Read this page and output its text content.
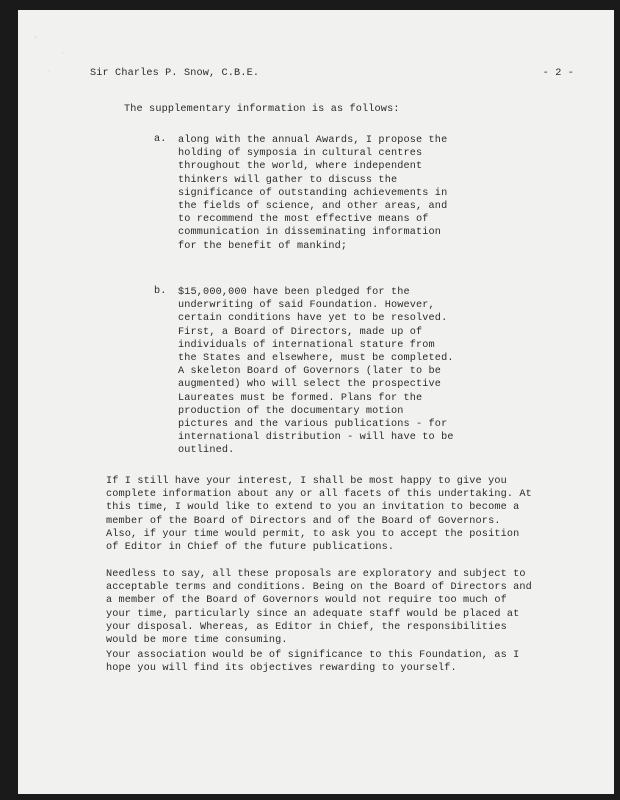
Sir Charles P. Snow, C.B.E.	- 2 -
The supplementary information is as follows:
a.	along with the annual Awards, I propose the holding of symposia in cultural centres throughout the world, where independent thinkers will gather to discuss the significance of outstanding achievements in the fields of science, and other areas, and to recommend the most effective means of communication in disseminating information for the benefit of mankind;
b.	$15,000,000 have been pledged for the underwriting of said Foundation. However, certain conditions have yet to be resolved. First, a Board of Directors, made up of individuals of international stature from the States and elsewhere, must be completed. A skeleton Board of Governors (later to be augmented) who will select the prospective Laureates must be formed. Plans for the production of the documentary motion pictures and the various publications - for international distribution - will have to be outlined.
If I still have your interest, I shall be most happy to give you complete information about any or all facets of this undertaking. At this time, I would like to extend to you an invitation to become a member of the Board of Directors and of the Board of Governors. Also, if your time would permit, to ask you to accept the position of Editor in Chief of the future publications.
Needless to say, all these proposals are exploratory and subject to acceptable terms and conditions. Being on the Board of Directors and a member of the Board of Governors would not require too much of your time, particularly since an adequate staff would be placed at your disposal. Whereas, as Editor in Chief, the responsibilities would be more time consuming.
Your association would be of significance to this Foundation, as I hope you will find its objectives rewarding to yourself.
